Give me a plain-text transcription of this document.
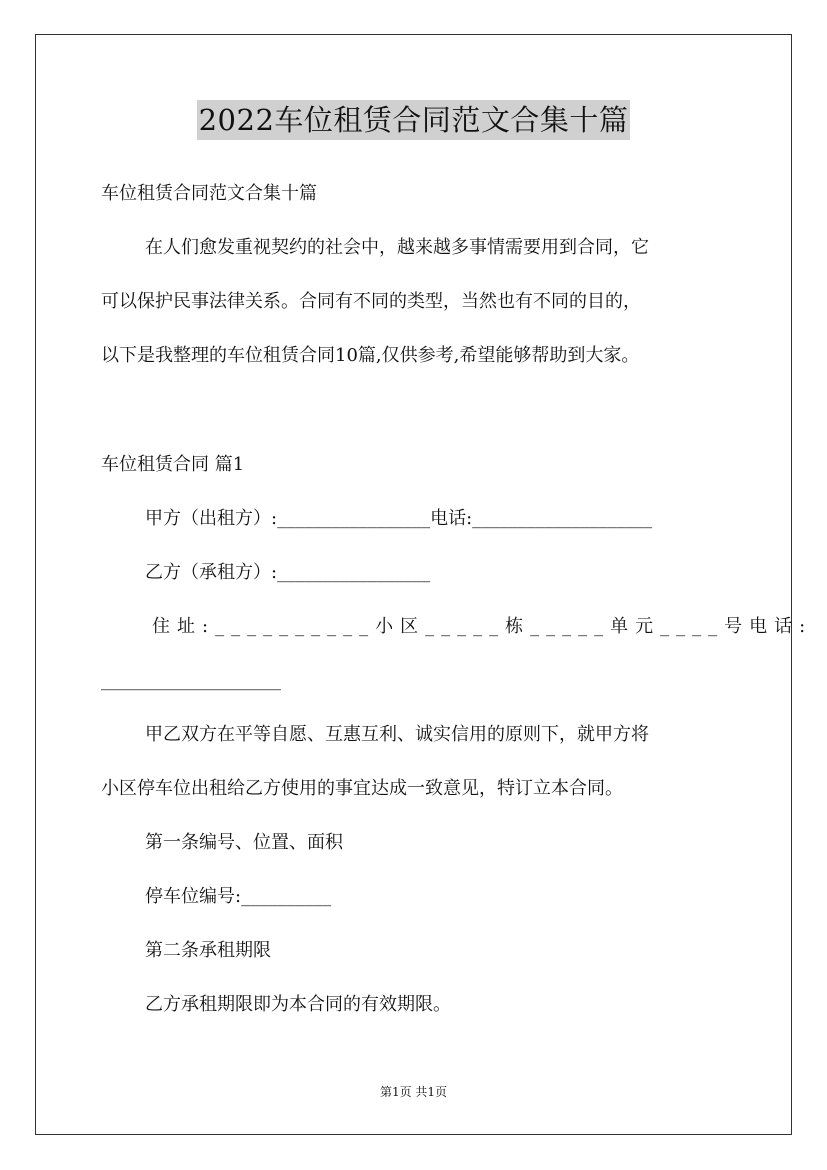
2022车位租赁合同范文合集十篇
车位租赁合同范文合集十篇
在人们愈发重视契约的社会中，越来越多事情需要用到合同，它
可以保护民事法律关系。合同有不同的类型，当然也有不同的目的，
以下是我整理的车位租赁合同10篇,仅供参考,希望能够帮助到大家。
车位租赁合同 篇1
甲方（出租方）:_________________电话:____________________
乙方（承租方）:_________________
住址:__________小区_____栋_____单元____号电话:
____________________
甲乙双方在平等自愿、互惠互利、诚实信用的原则下，就甲方将
小区停车位出租给乙方使用的事宜达成一致意见，特订立本合同。
第一条编号、位置、面积
停车位编号:__________
第二条承租期限
乙方承租期限即为本合同的有效期限。
第1页 共1页
